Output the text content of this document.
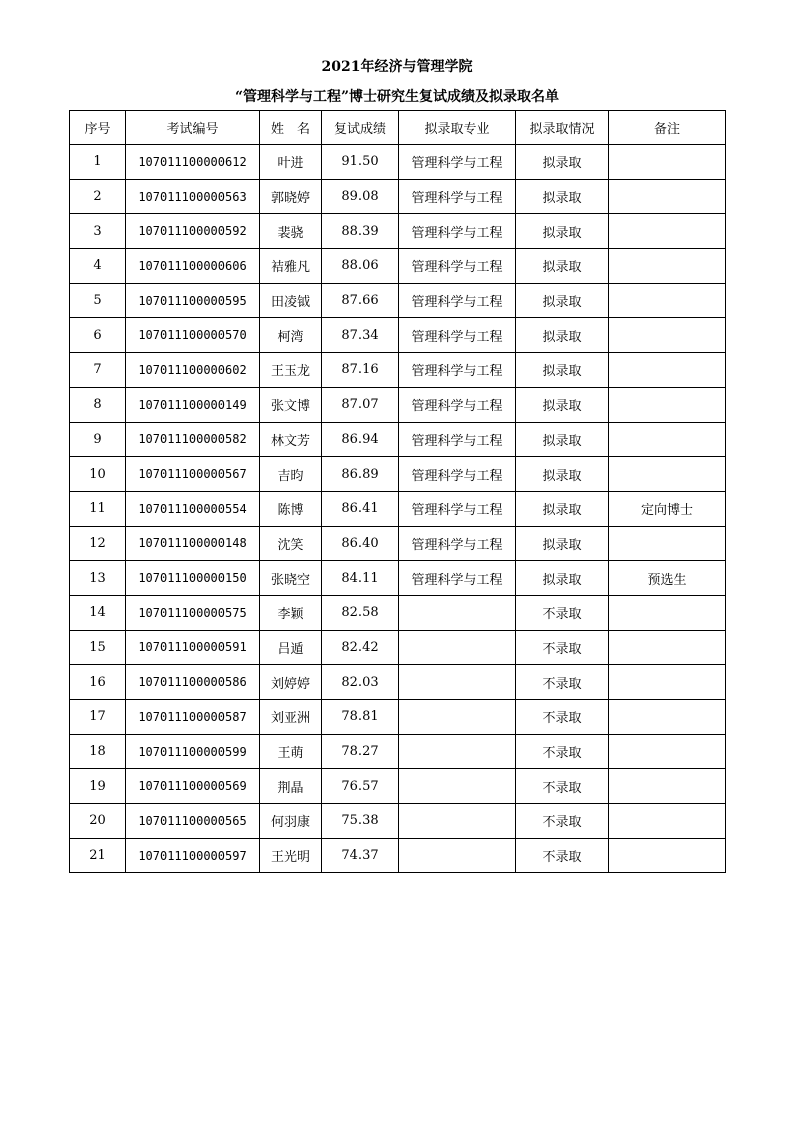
2021年经济与管理学院
“管理科学与工程”博士研究生复试成绩及拟录取名单
序号	考试编号	姓　名	复试成绩	拟录取专业	拟录取情况	备注
1	107011100000612	叶进	91.50	管理科学与工程	拟录取	
2	107011100000563	郭晓婷	89.08	管理科学与工程	拟录取	
3	107011100000592	裴骁	88.39	管理科学与工程	拟录取	
4	107011100000606	袺雅凡	88.06	管理科学与工程	拟录取	
5	107011100000595	田凌钺	87.66	管理科学与工程	拟录取	
6	107011100000570	柯湾	87.34	管理科学与工程	拟录取	
7	107011100000602	王玉龙	87.16	管理科学与工程	拟录取	
8	107011100000149	张文博	87.07	管理科学与工程	拟录取	
9	107011100000582	林文芳	86.94	管理科学与工程	拟录取	
10	107011100000567	吉昀	86.89	管理科学与工程	拟录取	
11	107011100000554	陈博	86.41	管理科学与工程	拟录取	定向博士
12	107011100000148	沈笑	86.40	管理科学与工程	拟录取	
13	107011100000150	张晓空	84.11	管理科学与工程	拟录取	预选生
14	107011100000575	李颖	82.58		不录取	
15	107011100000591	吕遁	82.42		不录取	
16	107011100000586	刘婷婷	82.03		不录取	
17	107011100000587	刘亚洲	78.81		不录取	
18	107011100000599	王萌	78.27		不录取	
19	107011100000569	荆晶	76.57		不录取	
20	107011100000565	何羽康	75.38		不录取	
21	107011100000597	王光明	74.37		不录取	
